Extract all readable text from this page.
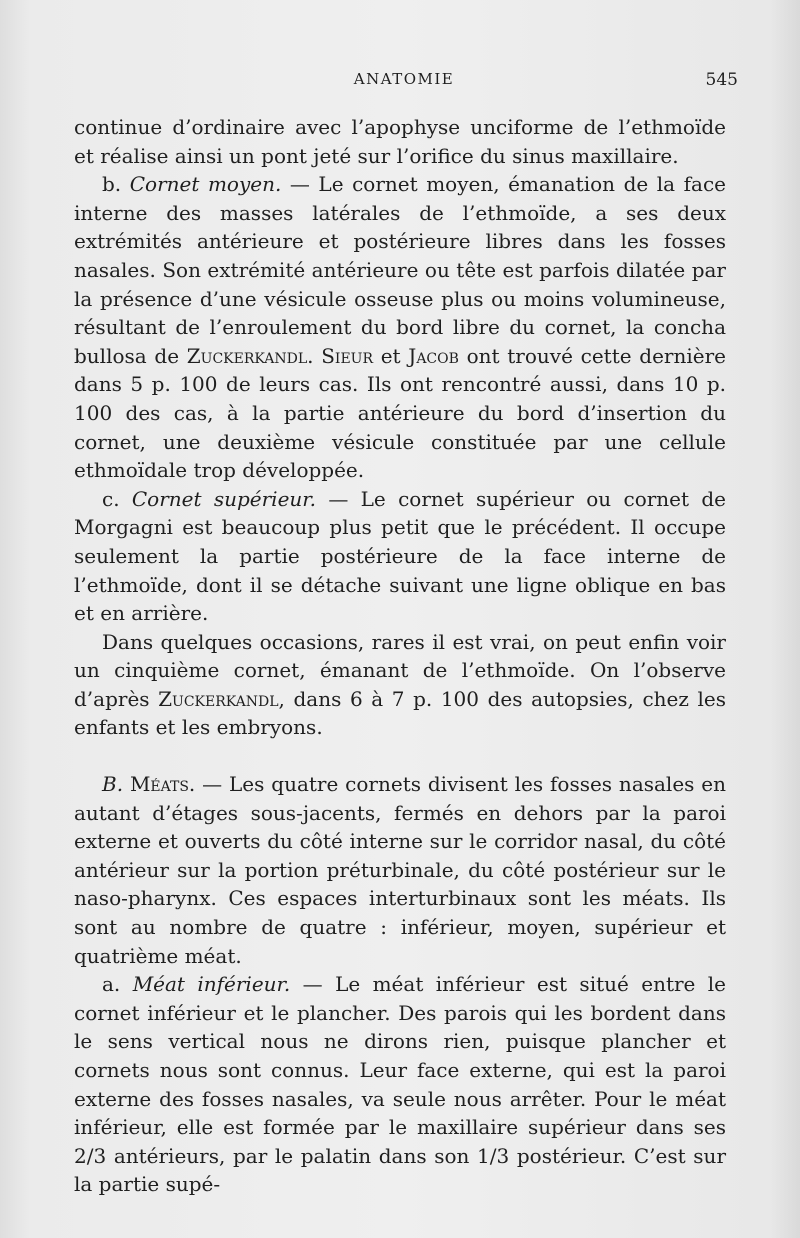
ANATOMIE	545

continue d’ordinaire avec l’apophyse unciforme de l’ethmoïde et réalise ainsi un pont jeté sur l’orifice du sinus maxillaire.

b. Cornet moyen. — Le cornet moyen, émanation de la face interne des masses latérales de l’ethmoïde, a ses deux extrémités antérieure et postérieure libres dans les fosses nasales. Son extrémité antérieure ou tête est parfois dilatée par la présence d’une vésicule osseuse plus ou moins volumineuse, résultant de l’enroulement du bord libre du cornet, la concha bullosa de Zuckerkandl. Sieur et Jacob ont trouvé cette dernière dans 5 p. 100 de leurs cas. Ils ont rencontré aussi, dans 10 p. 100 des cas, à la partie antérieure du bord d’insertion du cornet, une deuxième vésicule constituée par une cellule ethmoïdale trop développée.

c. Cornet supérieur. — Le cornet supérieur ou cornet de Morgagni est beaucoup plus petit que le précédent. Il occupe seulement la partie postérieure de la face interne de l’ethmoïde, dont il se détache suivant une ligne oblique en bas et en arrière.

Dans quelques occasions, rares il est vrai, on peut enfin voir un cinquième cornet, émanant de l’ethmoïde. On l’observe d’après Zuckerkandl, dans 6 à 7 p. 100 des autopsies, chez les enfants et les embryons.

B. Méats. — Les quatre cornets divisent les fosses nasales en autant d’étages sous-jacents, fermés en dehors par la paroi externe et ouverts du côté interne sur le corridor nasal, du côté antérieur sur la portion préturbinale, du côté postérieur sur le naso-pharynx. Ces espaces interturbinaux sont les méats. Ils sont au nombre de quatre : inférieur, moyen, supérieur et quatrième méat.

a. Méat inférieur. — Le méat inférieur est situé entre le cornet inférieur et le plancher. Des parois qui les bordent dans le sens vertical nous ne dirons rien, puisque plancher et cornets nous sont connus. Leur face externe, qui est la paroi externe des fosses nasales, va seule nous arrêter. Pour le méat inférieur, elle est formée par le maxillaire supérieur dans ses 2/3 antérieurs, par le palatin dans son 1/3 postérieur. C’est sur la partie supé-
